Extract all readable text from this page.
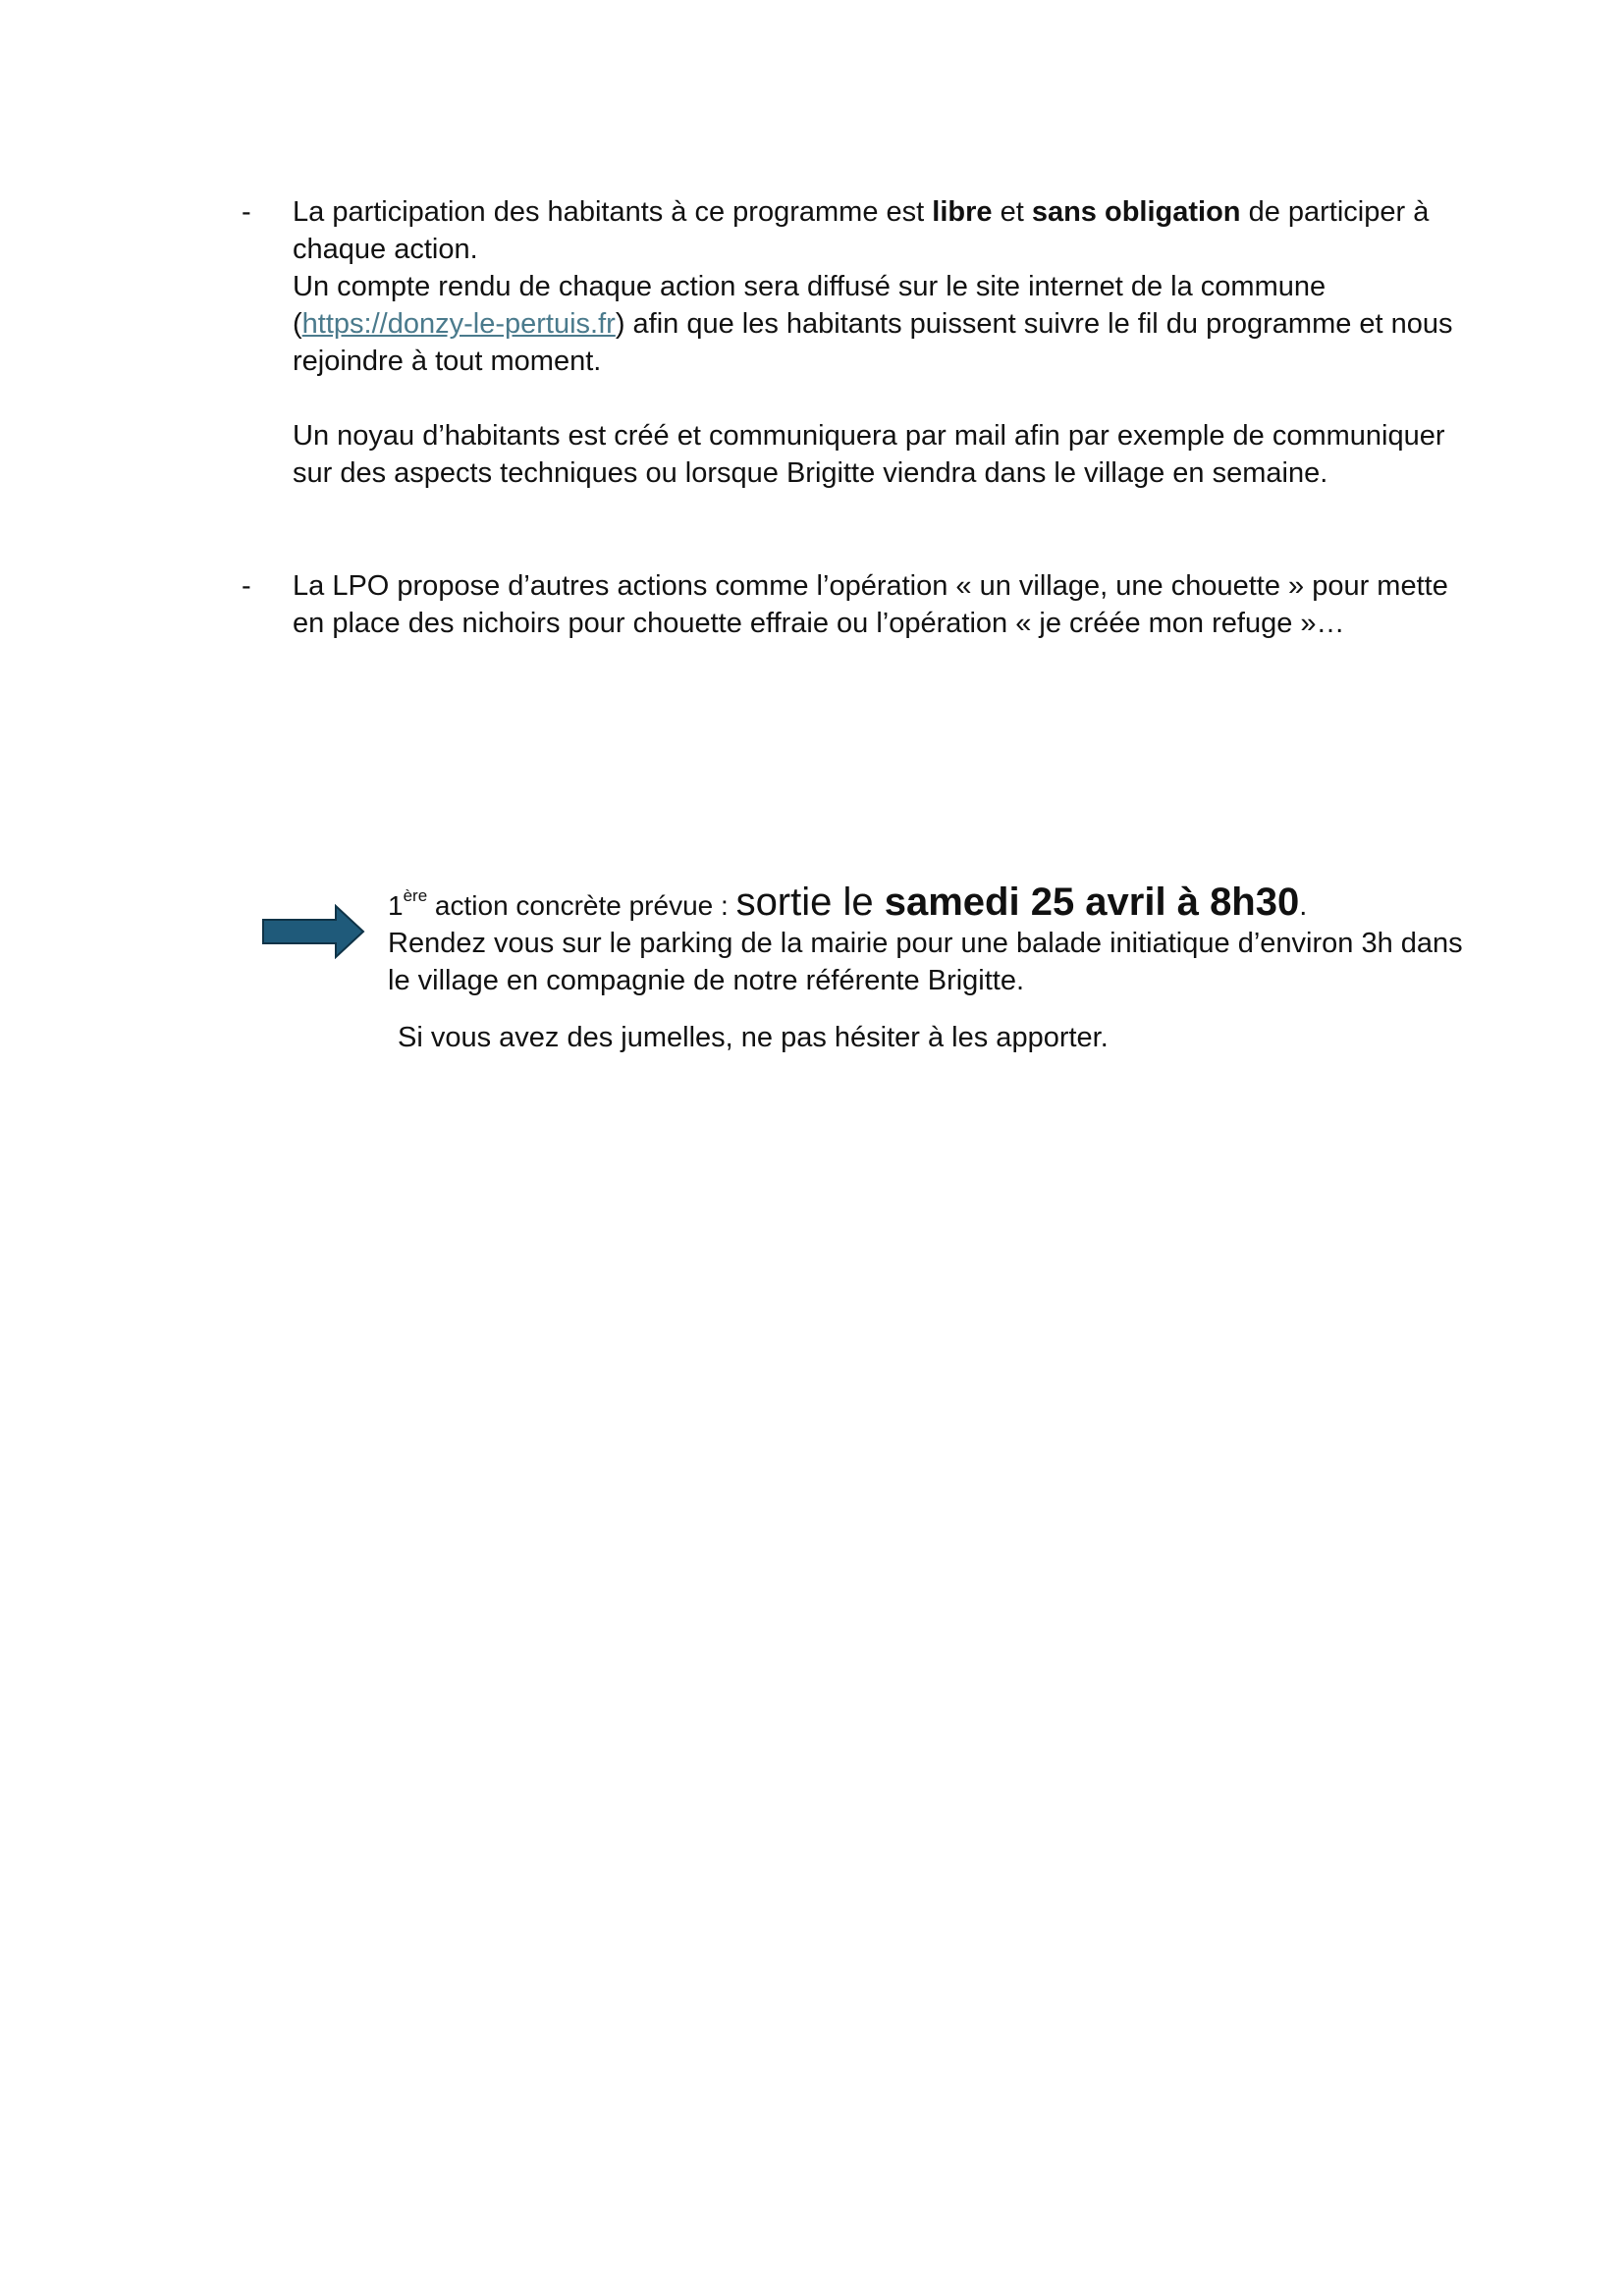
- La participation des habitants à ce programme est libre et sans obligation de participer à chaque action.

Un compte rendu de chaque action sera diffusé sur le site internet de la commune (https://donzy-le-pertuis.fr) afin que les habitants puissent suivre le fil du programme et nous rejoindre à tout moment.

Un noyau d’habitants est créé et communiquera par mail afin par exemple de communiquer sur des aspects techniques ou lorsque Brigitte viendra dans le village en semaine.

- La LPO propose d’autres actions comme l’opération « un village, une chouette » pour mette en place des nichoirs pour chouette effraie ou l’opération « je créée mon refuge »…

1ère action concrète prévue : sortie le samedi 25 avril à 8h30.

Rendez vous sur le parking de la mairie pour une balade initiatique d’environ 3h dans le village en compagnie de notre référente Brigitte.

Si vous avez des jumelles, ne pas hésiter à les apporter.
